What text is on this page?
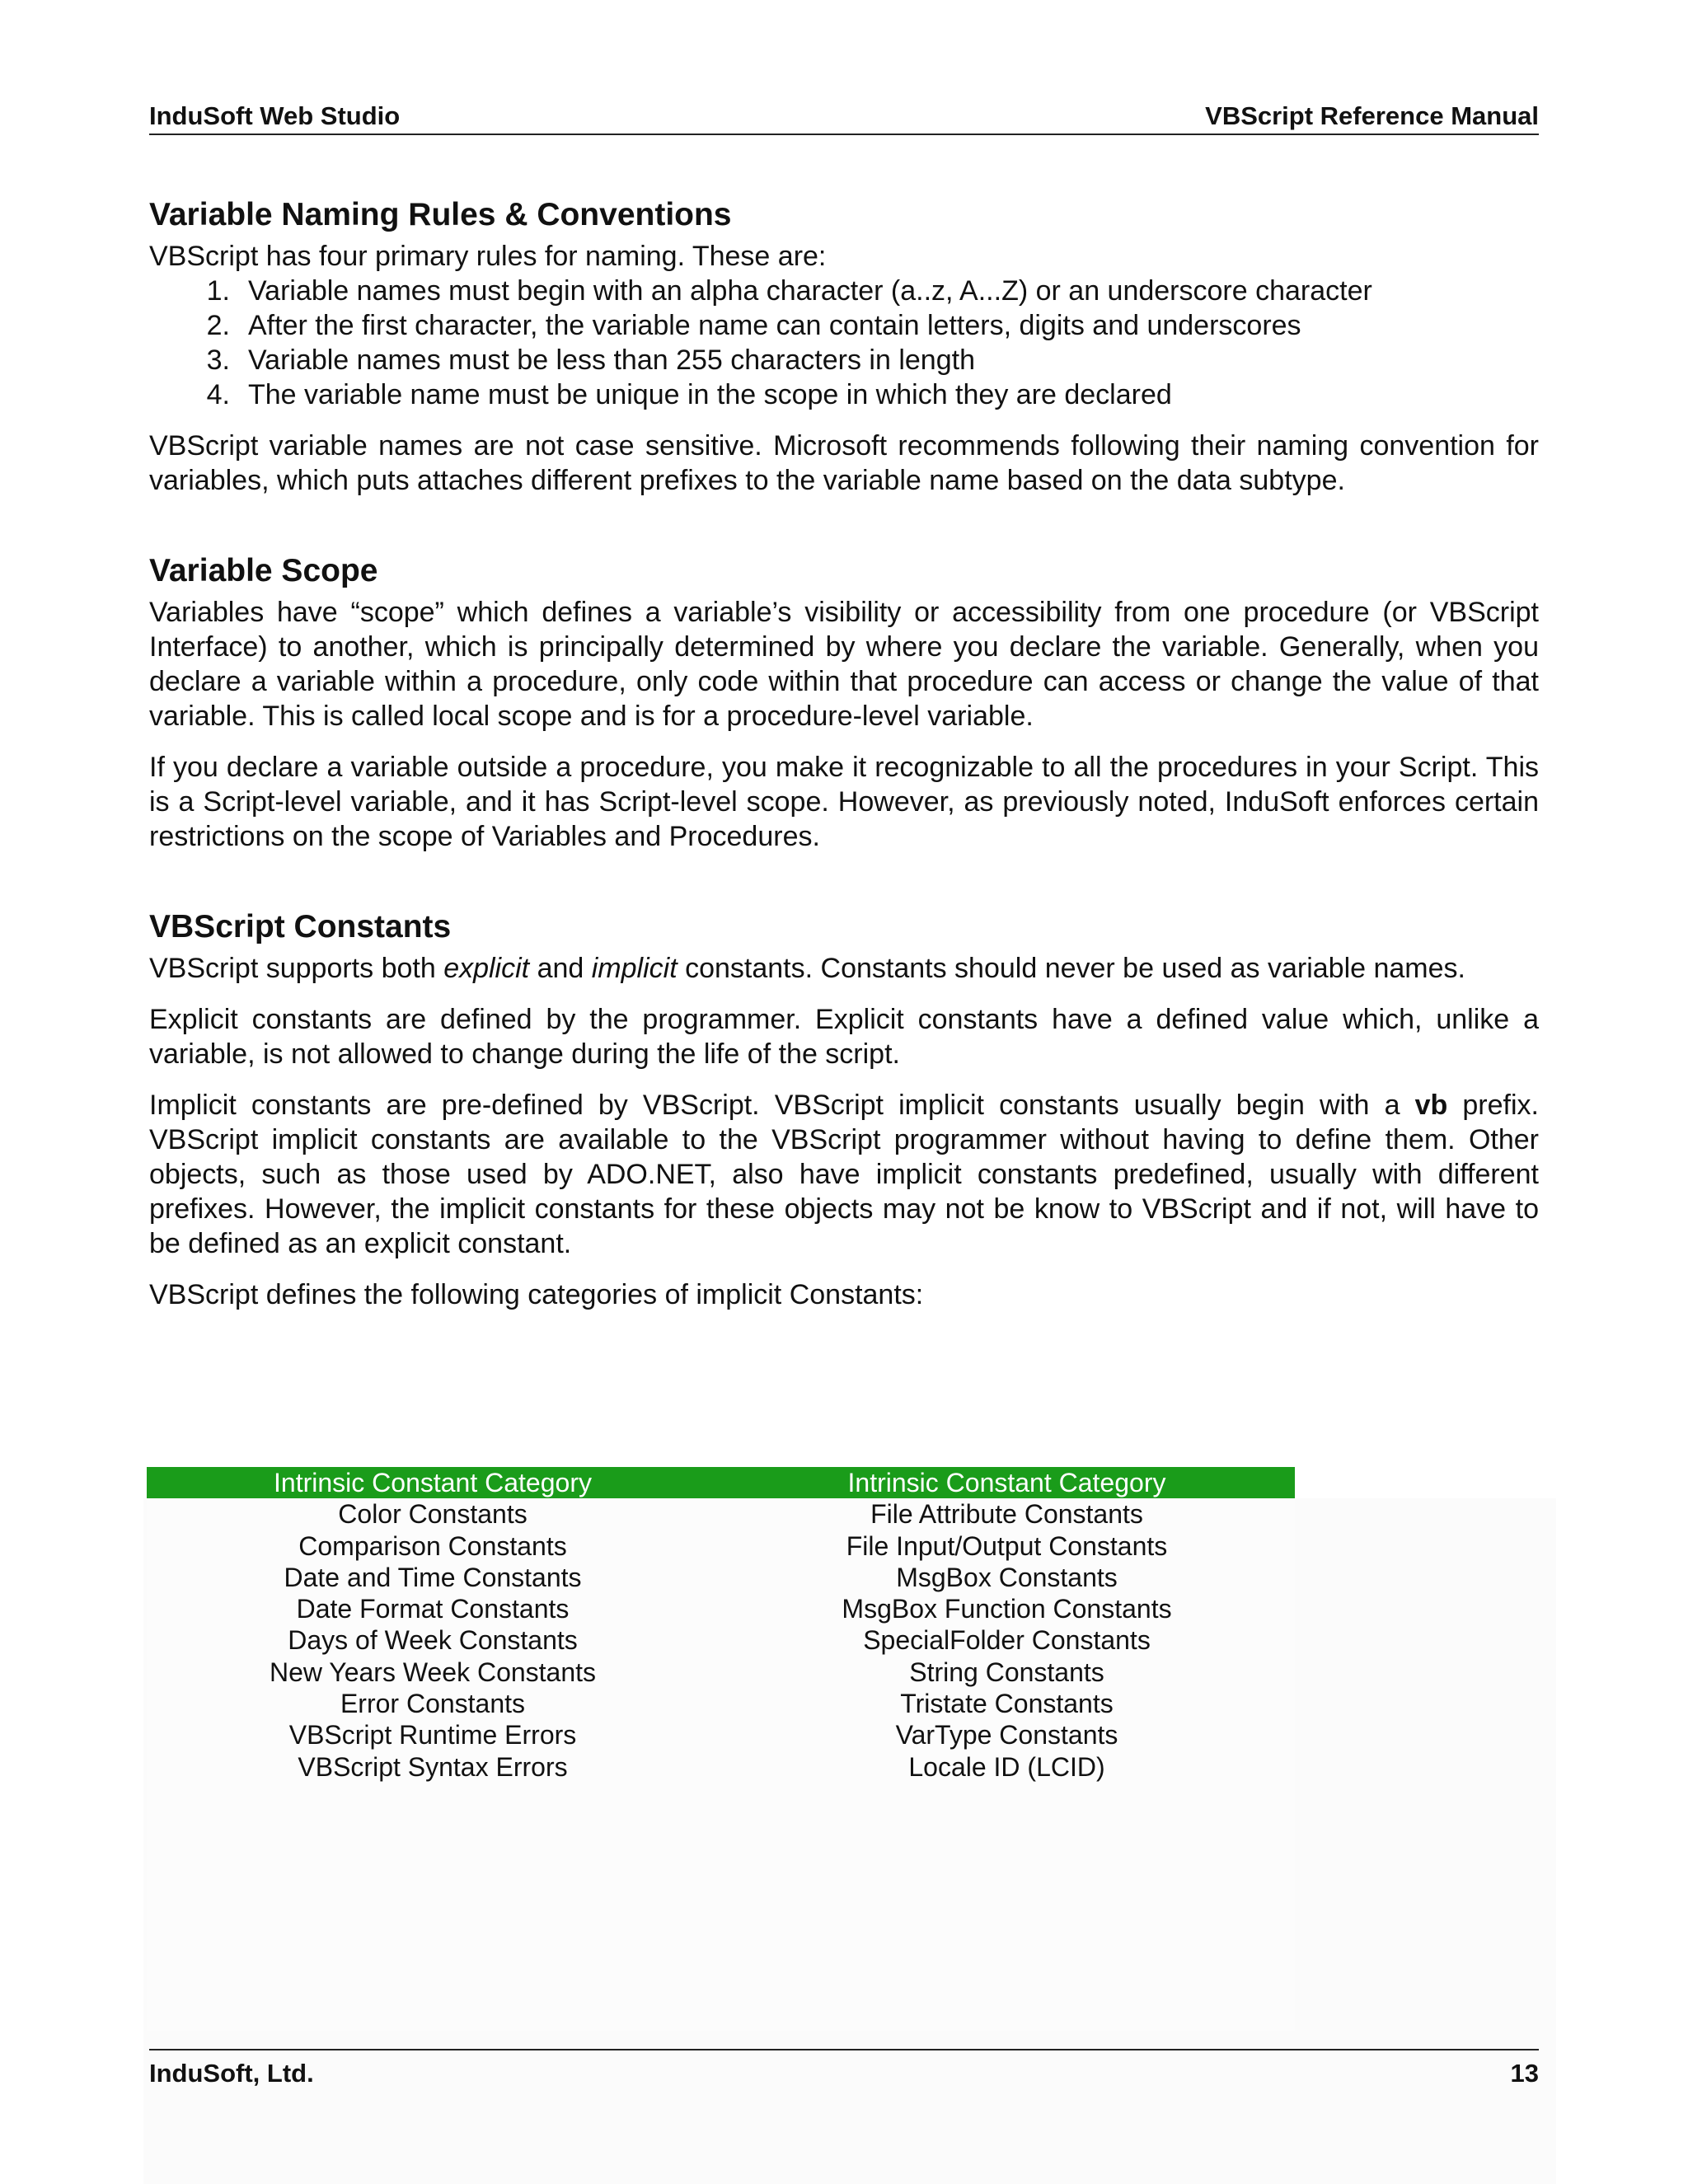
InduSoft Web Studio	VBScript Reference Manual
Variable Naming Rules & Conventions

VBScript has four primary rules for naming. These are:

1. Variable names must begin with an alpha character (a..z, A...Z) or an underscore character
2. After the first character, the variable name can contain letters, digits and underscores
3. Variable names must be less than 255 characters in length
4. The variable name must be unique in the scope in which they are declared

VBScript variable names are not case sensitive. Microsoft recommends following their naming convention for variables, which puts attaches different prefixes to the variable name based on the data subtype.

Variable Scope

Variables have “scope” which defines a variable’s visibility or accessibility from one procedure (or VBScript Interface) to another, which is principally determined by where you declare the variable. Generally, when you declare a variable within a procedure, only code within that procedure can access or change the value of that variable. This is called local scope and is for a procedure-level variable.

If you declare a variable outside a procedure, you make it recognizable to all the procedures in your Script. This is a Script-level variable, and it has Script-level scope. However, as previously noted, InduSoft enforces certain restrictions on the scope of Variables and Procedures.

VBScript Constants

VBScript supports both explicit and implicit constants. Constants should never be used as variable names.

Explicit constants are defined by the programmer. Explicit constants have a defined value which, unlike a variable, is not allowed to change during the life of the script.

Implicit constants are pre-defined by VBScript. VBScript implicit constants usually begin with a vb prefix. VBScript implicit constants are available to the VBScript programmer without having to define them. Other objects, such as those used by ADO.NET, also have implicit constants predefined, usually with different prefixes. However, the implicit constants for these objects may not be know to VBScript and if not, will have to be defined as an explicit constant.

VBScript defines the following categories of implicit Constants:

Intrinsic Constant Category	Intrinsic Constant Category
Color Constants	File Attribute Constants
Comparison Constants	File Input/Output Constants
Date and Time Constants	MsgBox Constants
Date Format Constants	MsgBox Function Constants
Days of Week Constants	SpecialFolder Constants
New Years Week Constants	String Constants
Error Constants	Tristate Constants
VBScript Runtime Errors	VarType Constants
VBScript Syntax Errors	Locale ID (LCID)
InduSoft, Ltd.	13
